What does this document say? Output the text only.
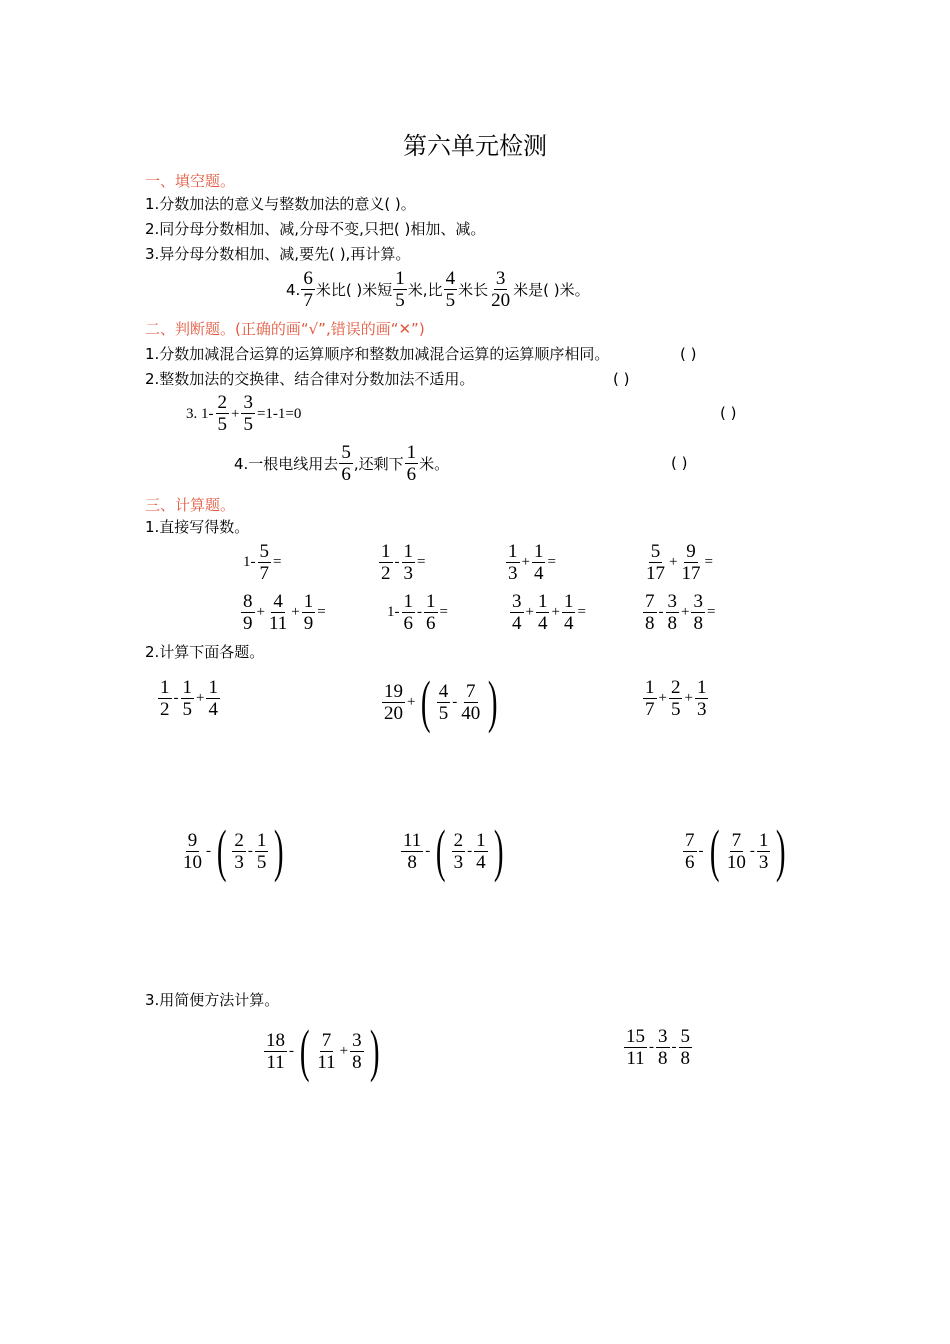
第六单元检测
一、填空题。
1.分数加法的意义与整数加法的意义( )。
2.同分母分数相加、减,分母不变,只把( )相加、减。
3.异分母分数相加、减,要先( ),再计算。
4. $\frac{6}{7}$ 米比( )米短 $\frac{1}{5}$ 米,比 $\frac{4}{5}$ 米长 $\frac{3}{20}$ 米是( )米。
二、判断题。(正确的画“√”,错误的画“✕”)
1.分数加减混合运算的运算顺序和整数加减混合运算的运算顺序相同。	( )
2.整数加法的交换律、结合律对分数加法不适用。	( )
3. $1- \frac{2}{5} + \frac{3}{5} =1-1=0$	( )
4.一根电线用去 $\frac{5}{6}$ ,还剩下 $\frac{1}{6}$ 米。	( )
三、计算题。
1.直接写得数。
$1- \frac{5}{7}$ =	$\frac{1}{2} - \frac{1}{3}$ =	$\frac{1}{3} + \frac{1}{4}$ =	$\frac{5}{17} + \frac{9}{17}$ =
$\frac{8}{9} + \frac{4}{11} + \frac{1}{9}$ =	$1- \frac{1}{6} - \frac{1}{6}$ =	$\frac{3}{4} + \frac{1}{4} + \frac{1}{4}$ =	$\frac{7}{8} - \frac{3}{8} + \frac{3}{8}$ =
2.计算下面各题。
$\frac{1}{2} - \frac{1}{5} + \frac{1}{4}$	$\frac{19}{20}$ + ( $\frac{4}{5} - \frac{7}{40}$ )	$\frac{1}{7} + \frac{2}{5} + \frac{1}{3}$
$\frac{9}{10}$ - ( $\frac{2}{3} - \frac{1}{5}$ )	$\frac{11}{8}$ - ( $\frac{2}{3} - \frac{1}{4}$ )	$\frac{7}{6}$ - ( $\frac{7}{10} - \frac{1}{3}$ )
3.用简便方法计算。
$\frac{18}{11}$ - ( $\frac{7}{11} + \frac{3}{8}$ )	$\frac{15}{11} - \frac{3}{8} - \frac{5}{8}$
